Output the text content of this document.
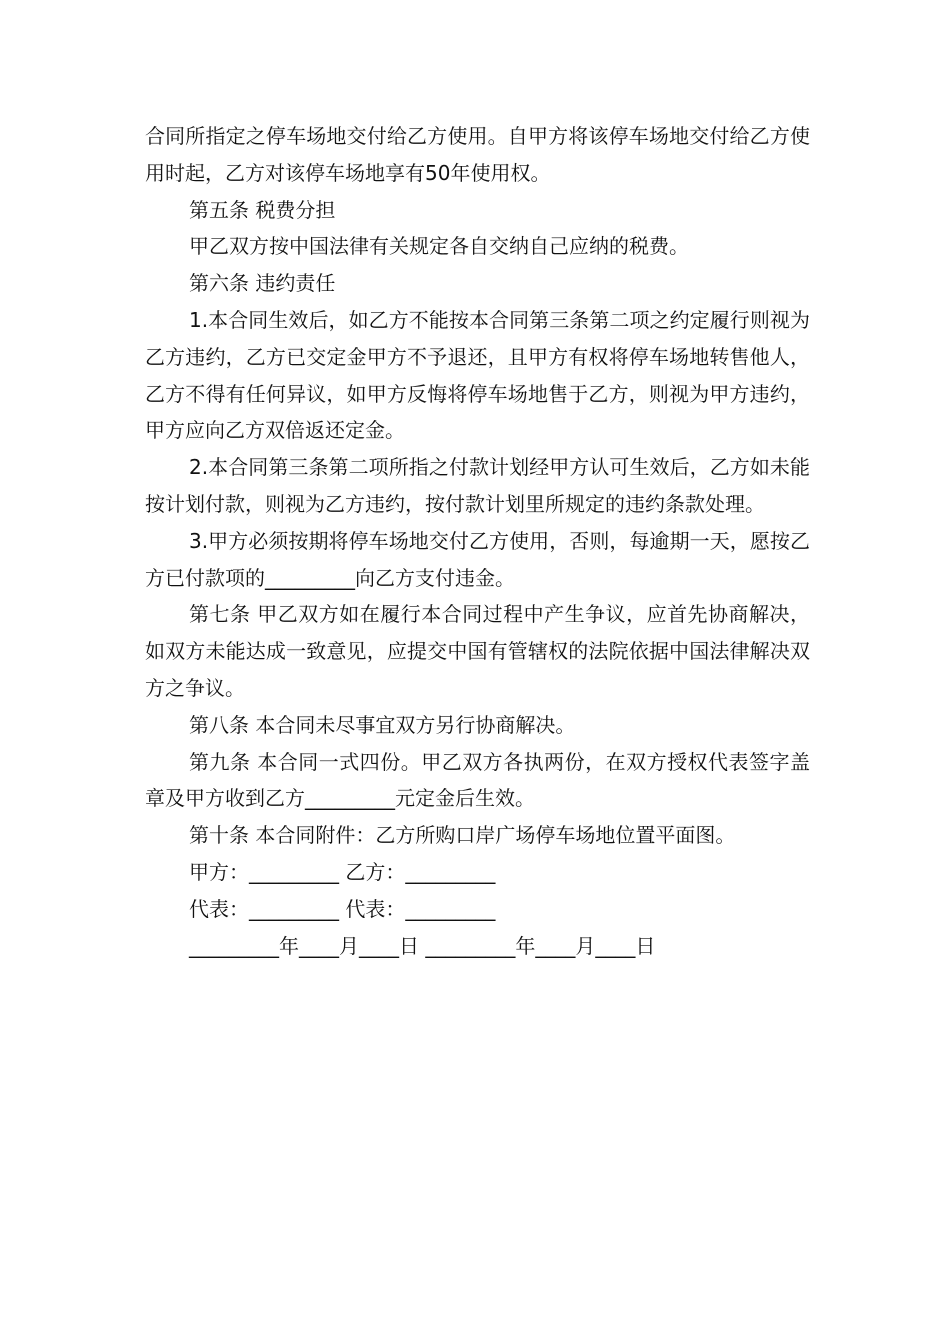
合同所指定之停车场地交付给乙方使用。自甲方将该停车场地交付给乙方使用时起，乙方对该停车场地享有50年使用权。

第五条 税费分担

甲乙双方按中国法律有关规定各自交纳自己应纳的税费。

第六条 违约责任

1.本合同生效后，如乙方不能按本合同第三条第二项之约定履行则视为乙方违约，乙方已交定金甲方不予退还，且甲方有权将停车场地转售他人，乙方不得有任何异议，如甲方反悔将停车场地售于乙方，则视为甲方违约，甲方应向乙方双倍返还定金。

2.本合同第三条第二项所指之付款计划经甲方认可生效后，乙方如未能按计划付款，则视为乙方违约，按付款计划里所规定的违约条款处理。

3.甲方必须按期将停车场地交付乙方使用，否则，每逾期一天，愿按乙方已付款项的_________向乙方支付违金。

第七条 甲乙双方如在履行本合同过程中产生争议，应首先协商解决，如双方未能达成一致意见，应提交中国有管辖权的法院依据中国法律解决双方之争议。

第八条 本合同未尽事宜双方另行协商解决。

第九条 本合同一式四份。甲乙双方各执两份，在双方授权代表签字盖章及甲方收到乙方_________元定金后生效。

第十条 本合同附件：乙方所购口岸广场停车场地位置平面图。

甲方：_________ 乙方：_________

代表：_________ 代表：_________

_________年____月____日 _________年____月____日
